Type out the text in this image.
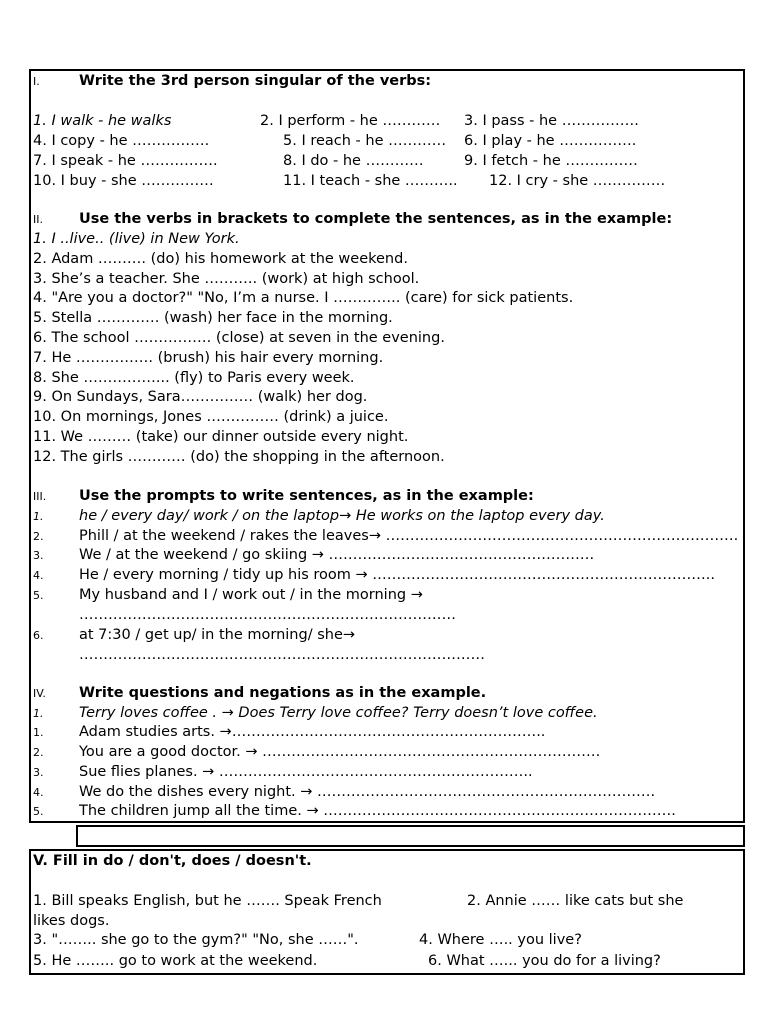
I.	Write the 3rd person singular of the verbs:
1. I walk - he walks	2. I perform - he ………… 3. I pass - he …………….
4. I copy - he …………….	5. I reach - he ………… 6. I play - he …………….
7. I speak - he …………….	8. I do - he …………	9. I fetch - he ……………
10. I buy - she ……………	11. I teach - she ……….. 12. I cry - she ……………
II. Use the verbs in brackets to complete the sentences, as in the example:
1. I ..live.. (live) in New York.
2. Adam ………. (do) his homework at the weekend.
3. She’s a teacher. She ……….. (work) at high school.
4. "Are you a doctor?" "No, I’m a nurse. I ………….. (care) for sick patients.
5. Stella …………. (wash) her face in the morning.
6. The school ……………. (close) at seven in the evening.
7. He ……………. (brush) his hair every morning.
8. She ……………... (fly) to Paris every week.
9. On Sundays, Sara…………… (walk) her dog.
10. On mornings, Jones …………… (drink) a juice.
11. We ……… (take) our dinner outside every night.
12. The girls ………… (do) the shopping in the afternoon.
III. Use the prompts to write sentences, as in the example:
1. he / every day/ work / on the laptop→ He works on the laptop every day.
2. Phill / at the weekend / rakes the leaves→ ……………………………………………………………….
3. We / at the weekend / go skiing → ……………………………………………….
4. He / every morning / tidy up his room → ……………………………………………………………..
5. My husband and I / work out / in the morning →
……………………………………………………………………
6. at 7:30 / get up/ in the morning/ she→
…………………………………………………………………………
IV. Write questions and negations as in the example.
1. Terry loves coffee . → Does Terry love coffee? Terry doesn’t love coffee.
1. Adam studies arts. →………………………………………………………..
2. You are a good doctor. → …………………………………………………………….
3. Sue flies planes. → ………………………………………………………..
4. We do the dishes every night. → …………………………………………………………….
5. The children jump all the time. → ……………………………………………………………….
V. Fill in do / don't, does / doesn't.
1. Bill speaks English, but he ……. Speak French	2. Annie …… like cats but she
likes dogs.
3. "…….. she go to the gym?" "No, she ……".	4. Where ….. you live?
5. He …….. go to work at the weekend.	6. What …... you do for a living?
